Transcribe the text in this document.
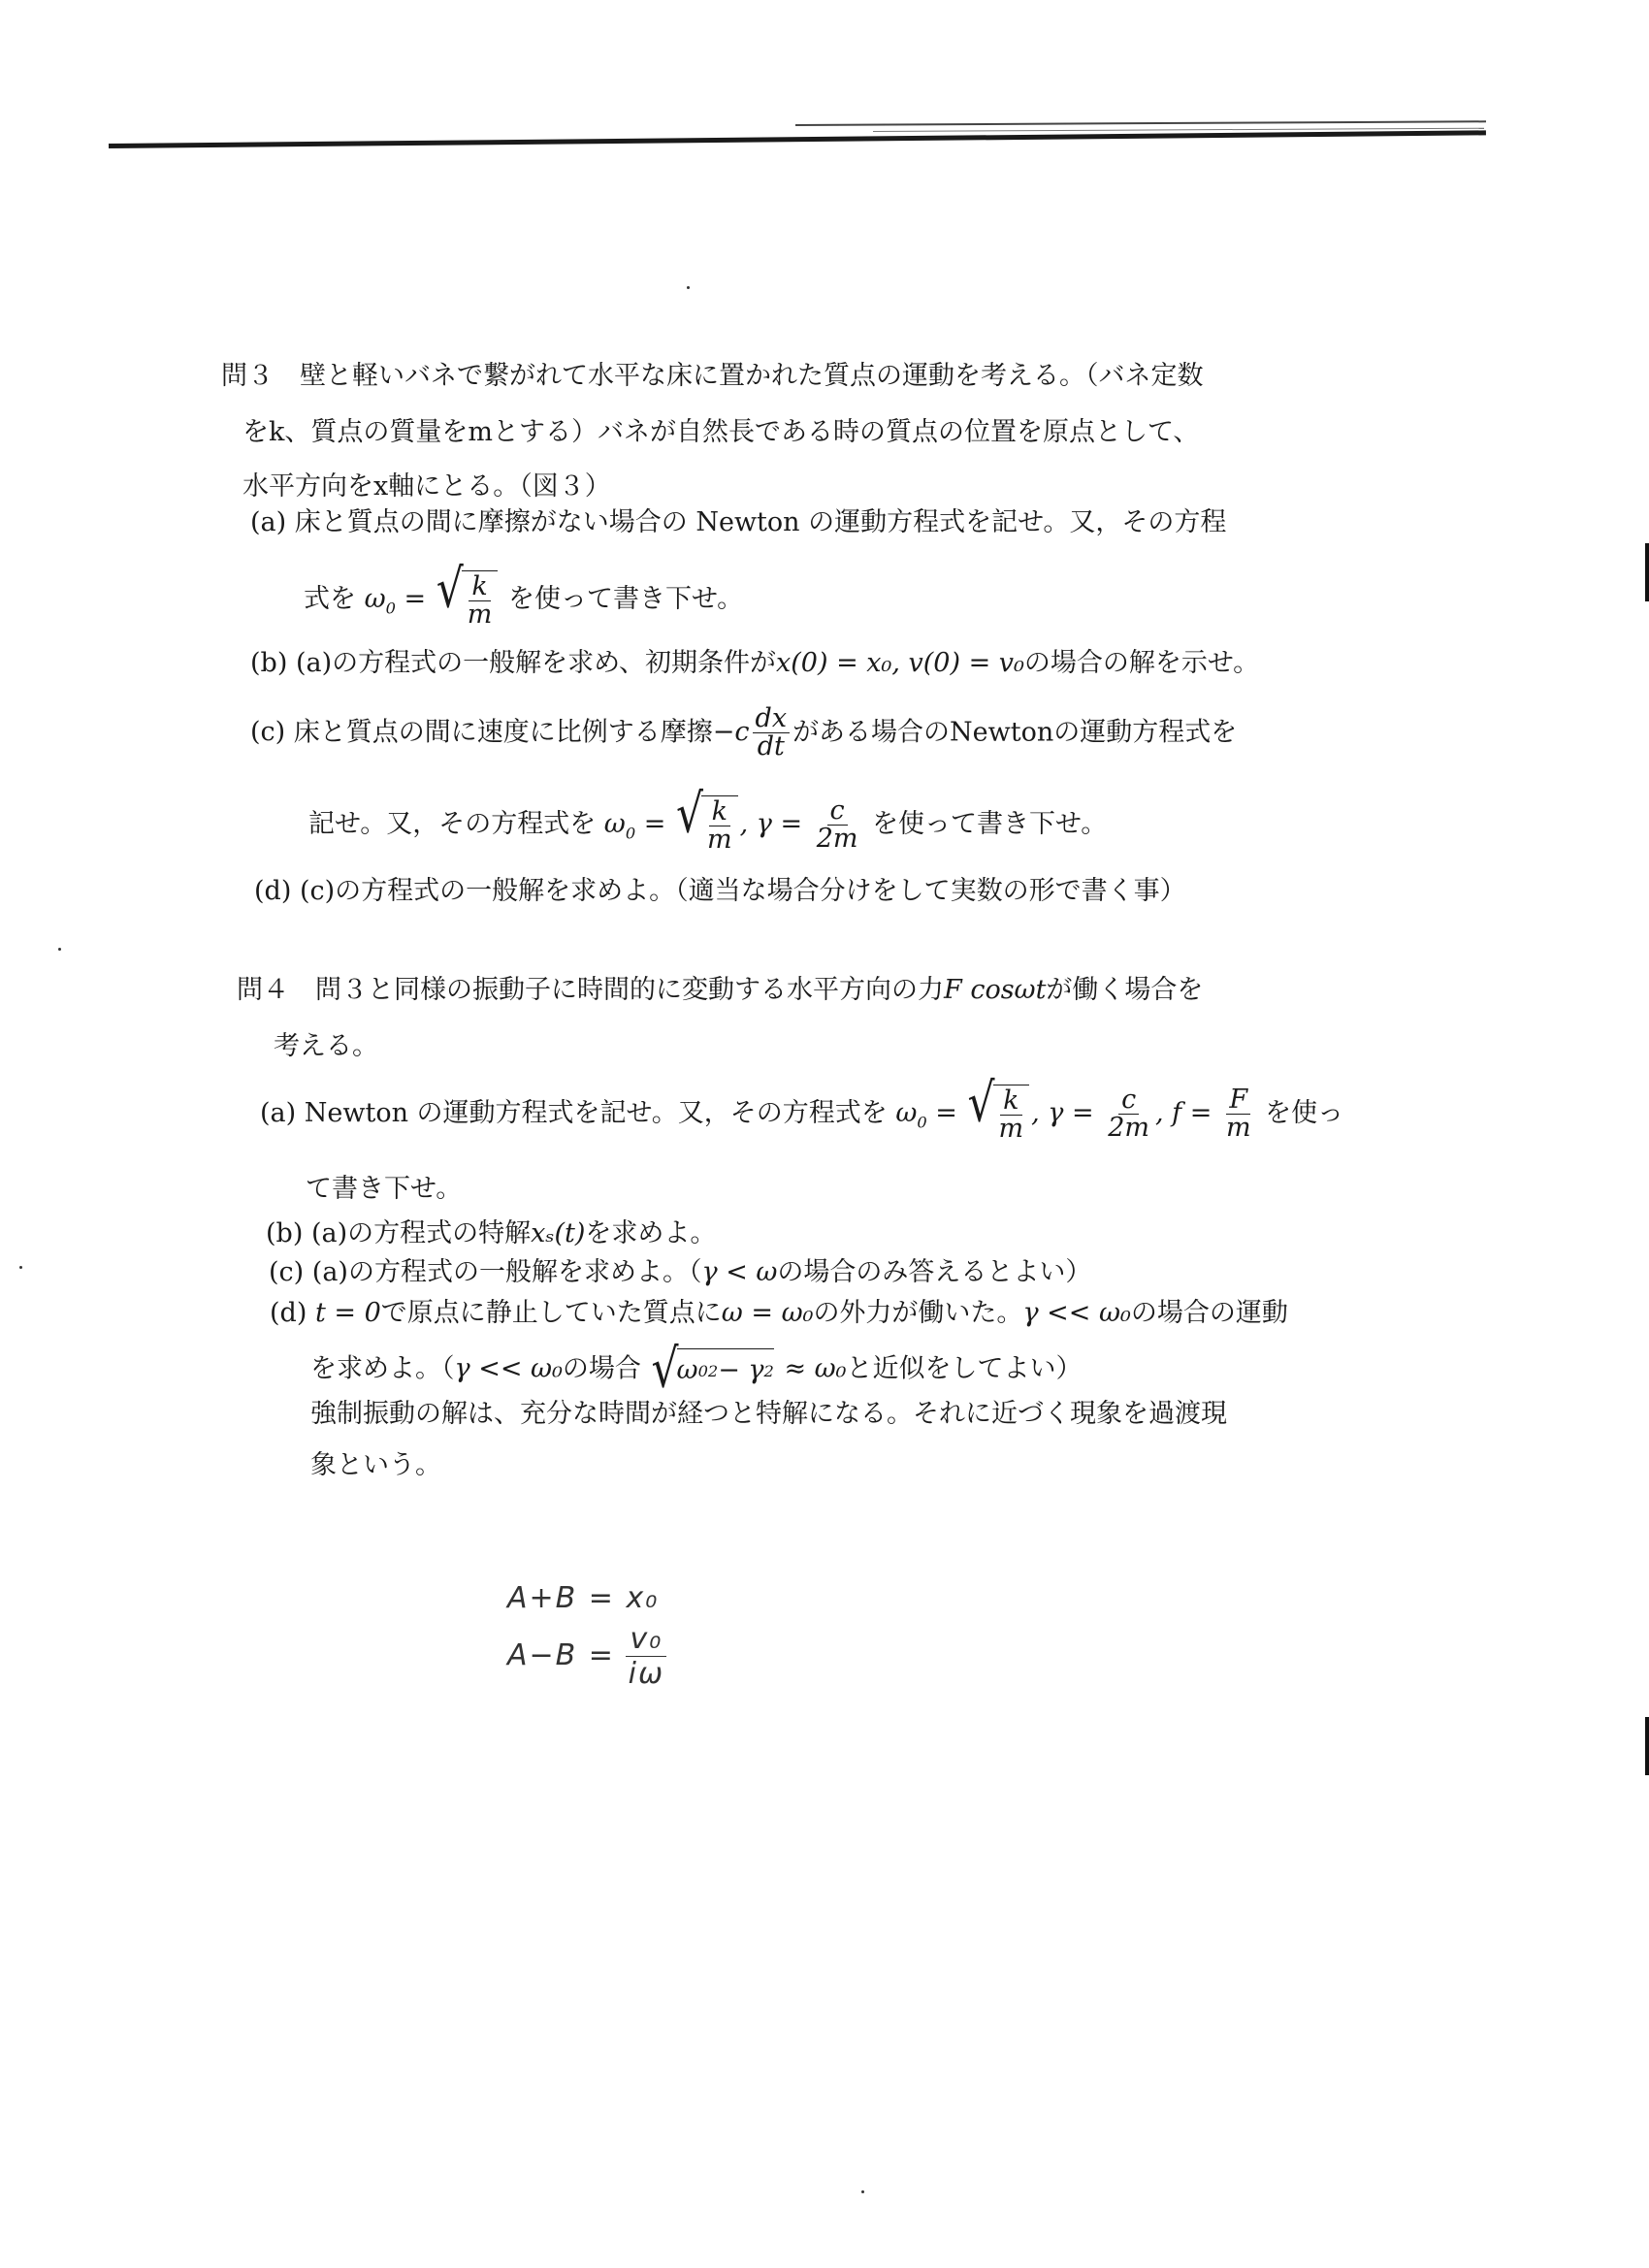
問３　壁と軽いバネで繋がれて水平な床に置かれた質点の運動を考える。（バネ定数
をk、質点の質量をmとする）バネが自然長である時の質点の位置を原点として、
水平方向をx軸にとる。（図３）
(a) 床と質点の間に摩擦がない場合の Newton の運動方程式を記せ。又，その方程
式を $\omega_0$ = √ $\frac{k}{m}$ を使って書き下せ。
(b) (a)の方程式の一般解を求め、初期条件がx(0) = x₀, v(0) = v₀の場合の解を示せ。
(c) 床と質点の間に速度に比例する摩擦$-c \frac{dx}{dt}$ がある場合のNewtonの運動方程式を
記せ。又，その方程式を $\omega_0$ = √ $\frac{k}{m}$ , $\gamma = \frac{c}{2m}$ を使って書き下せ。
(d) (c)の方程式の一般解を求めよ。（適当な場合分けをして実数の形で書く事）
問４　問３と同様の振動子に時間的に変動する水平方向の力F cosωtが働く場合を
考える。
(a) Newton の運動方程式を記せ。又，その方程式を $\omega_0$ = √ $\frac{k}{m}$ , $\gamma = \frac{c}{2m}$ , $f = \frac{F}{m}$ を使っ
て書き下せ。
(b) (a)の方程式の特解xₛ(t)を求めよ。
(c) (a)の方程式の一般解を求めよ。（γ < ωの場合のみ答えるとよい）
(d) t = 0で原点に静止していた質点にω = ω₀の外力が働いた。γ << ω₀の場合の運動
を求めよ。（γ << ω₀の場合 √
ω 0 2 − γ 2 ≈ ω₀と近似をしてよい）
強制振動の解は、充分な時間が経つと特解になる。それに近づく現象を過渡現
象という。
A+B = x₀
$A-B = \frac{\text{v₀}}{i\omega}$
